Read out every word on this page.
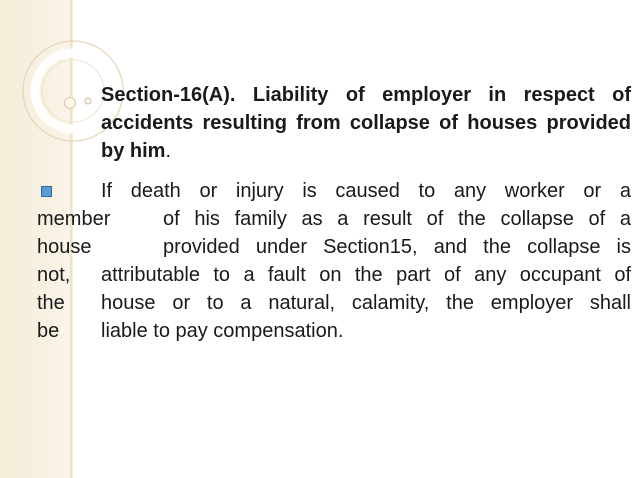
Section-16(A). Liability of employer in respect of accidents resulting from collapse of houses provided by him.

If death or injury is caused to any worker or a

member	of his family as a result of the collapse of a

house	provided under Section15, and the collapse is

not, attributable to a fault on the part of any occupant of

the house or to a natural, calamity, the employer shall

be liable to pay compensation.
